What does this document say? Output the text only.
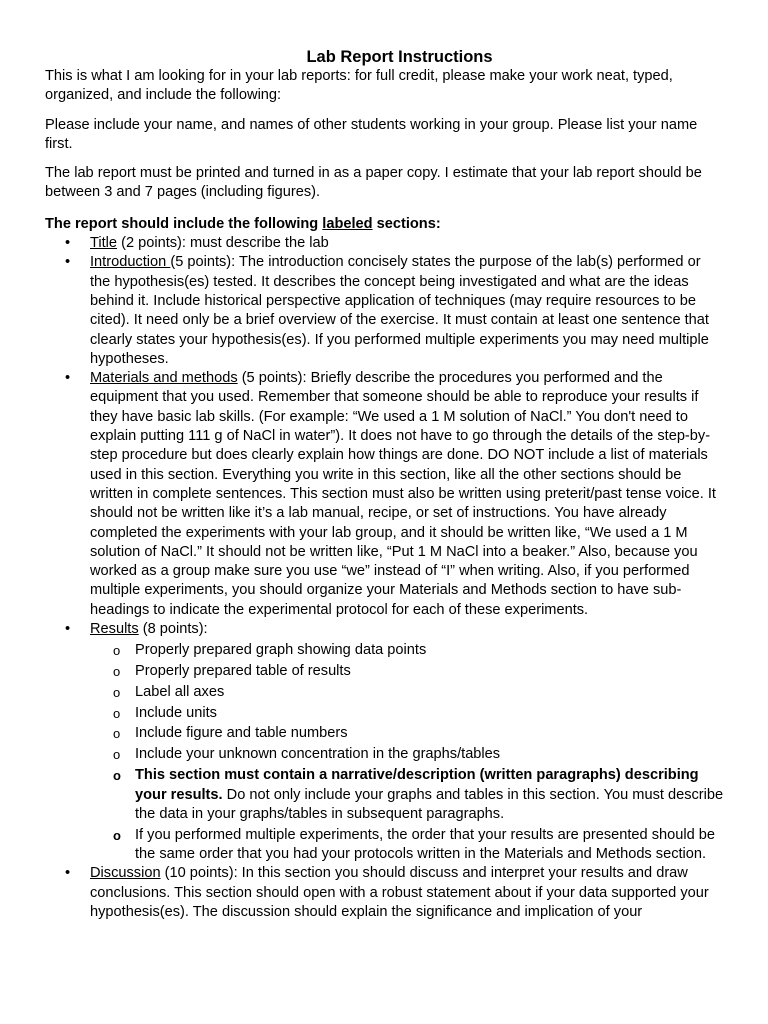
Lab Report Instructions

This is what I am looking for in your lab reports: for full credit, please make your work neat, typed, organized, and include the following:

Please include your name, and names of other students working in your group. Please list your name first.

The lab report must be printed and turned in as a paper copy. I estimate that your lab report should be between 3 and 7 pages (including figures).

The report should include the following labeled sections:
• Title (2 points): must describe the lab
• Introduction (5 points): The introduction concisely states the purpose of the lab(s) performed or the hypothesis(es) tested. It describes the concept being investigated and what are the ideas behind it. Include historical perspective application of techniques (may require resources to be cited). It need only be a brief overview of the exercise. It must contain at least one sentence that clearly states your hypothesis(es). If you performed multiple experiments you may need multiple hypotheses.
• Materials and methods (5 points): Briefly describe the procedures you performed and the equipment that you used. Remember that someone should be able to reproduce your results if they have basic lab skills. (For example: “We used a 1 M solution of NaCl.” You don't need to explain putting 111 g of NaCl in water”). It does not have to go through the details of the step-by-step procedure but does clearly explain how things are done. DO NOT include a list of materials used in this section. Everything you write in this section, like all the other sections should be written in complete sentences. This section must also be written using preterit/past tense voice. It should not be written like it’s a lab manual, recipe, or set of instructions. You have already completed the experiments with your lab group, and it should be written like, “We used a 1 M solution of NaCl.” It should not be written like, “Put 1 M NaCl into a beaker.” Also, because you worked as a group make sure you use “we” instead of “I” when writing. Also, if you performed multiple experiments, you should organize your Materials and Methods section to have sub-headings to indicate the experimental protocol for each of these experiments.
• Results (8 points):
o Properly prepared graph showing data points
o Properly prepared table of results
o Label all axes
o Include units
o Include figure and table numbers
o Include your unknown concentration in the graphs/tables
o This section must contain a narrative/description (written paragraphs) describing your results. Do not only include your graphs and tables in this section. You must describe the data in your graphs/tables in subsequent paragraphs.
o If you performed multiple experiments, the order that your results are presented should be the same order that you had your protocols written in the Materials and Methods section.
• Discussion (10 points): In this section you should discuss and interpret your results and draw conclusions. This section should open with a robust statement about if your data supported your hypothesis(es). The discussion should explain the significance and implication of your
